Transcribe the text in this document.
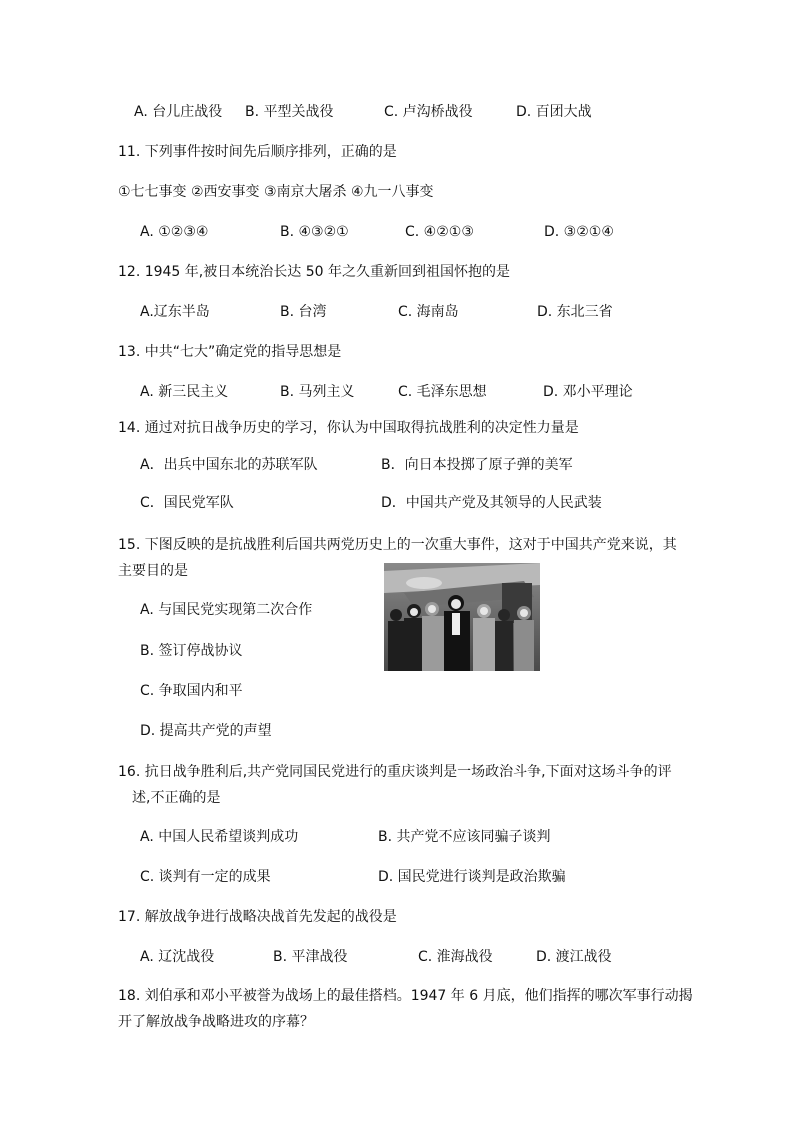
A. 台儿庄战役 B. 平型关战役	C. 卢沟桥战役	D. 百团大战
11. 下列事件按时间先后顺序排列，正确的是
①七七事变 ②西安事变 ③南京大屠杀 ④九一八事变
A. ①②③④	B. ④③②①	C. ④②①③	D. ③②①④
12. 1945 年,被日本统治长达 50 年之久重新回到祖国怀抱的是
A.辽东半岛	B. 台湾	C. 海南岛	D. 东北三省
13. 中共“七大”确定党的指导思想是
A. 新三民主义	B. 马列主义	C. 毛泽东思想	D. 邓小平理论
14. 通过对抗日战争历史的学习，你认为中国取得抗战胜利的决定性力量是
A．出兵中国东北的苏联军队	B．向日本投掷了原子弹的美军
C．国民党军队	D．中国共产党及其领导的人民武装
15. 下图反映的是抗战胜利后国共两党历史上的一次重大事件，这对于中国共产党来说，其
主要目的是
A. 与国民党实现第二次合作
B. 签订停战协议
C. 争取国内和平
D. 提高共产党的声望
16. 抗日战争胜利后,共产党同国民党进行的重庆谈判是一场政治斗争,下面对这场斗争的评
述,不正确的是
A. 中国人民希望谈判成功	B. 共产党不应该同骗子谈判
C. 谈判有一定的成果	D. 国民党进行谈判是政治欺骗
17. 解放战争进行战略决战首先发起的战役是
A. 辽沈战役	B. 平津战役	C. 淮海战役	D. 渡江战役
18. 刘伯承和邓小平被誉为战场上的最佳搭档。1947 年 6 月底，他们指挥的哪次军事行动揭
开了解放战争战略进攻的序幕？
